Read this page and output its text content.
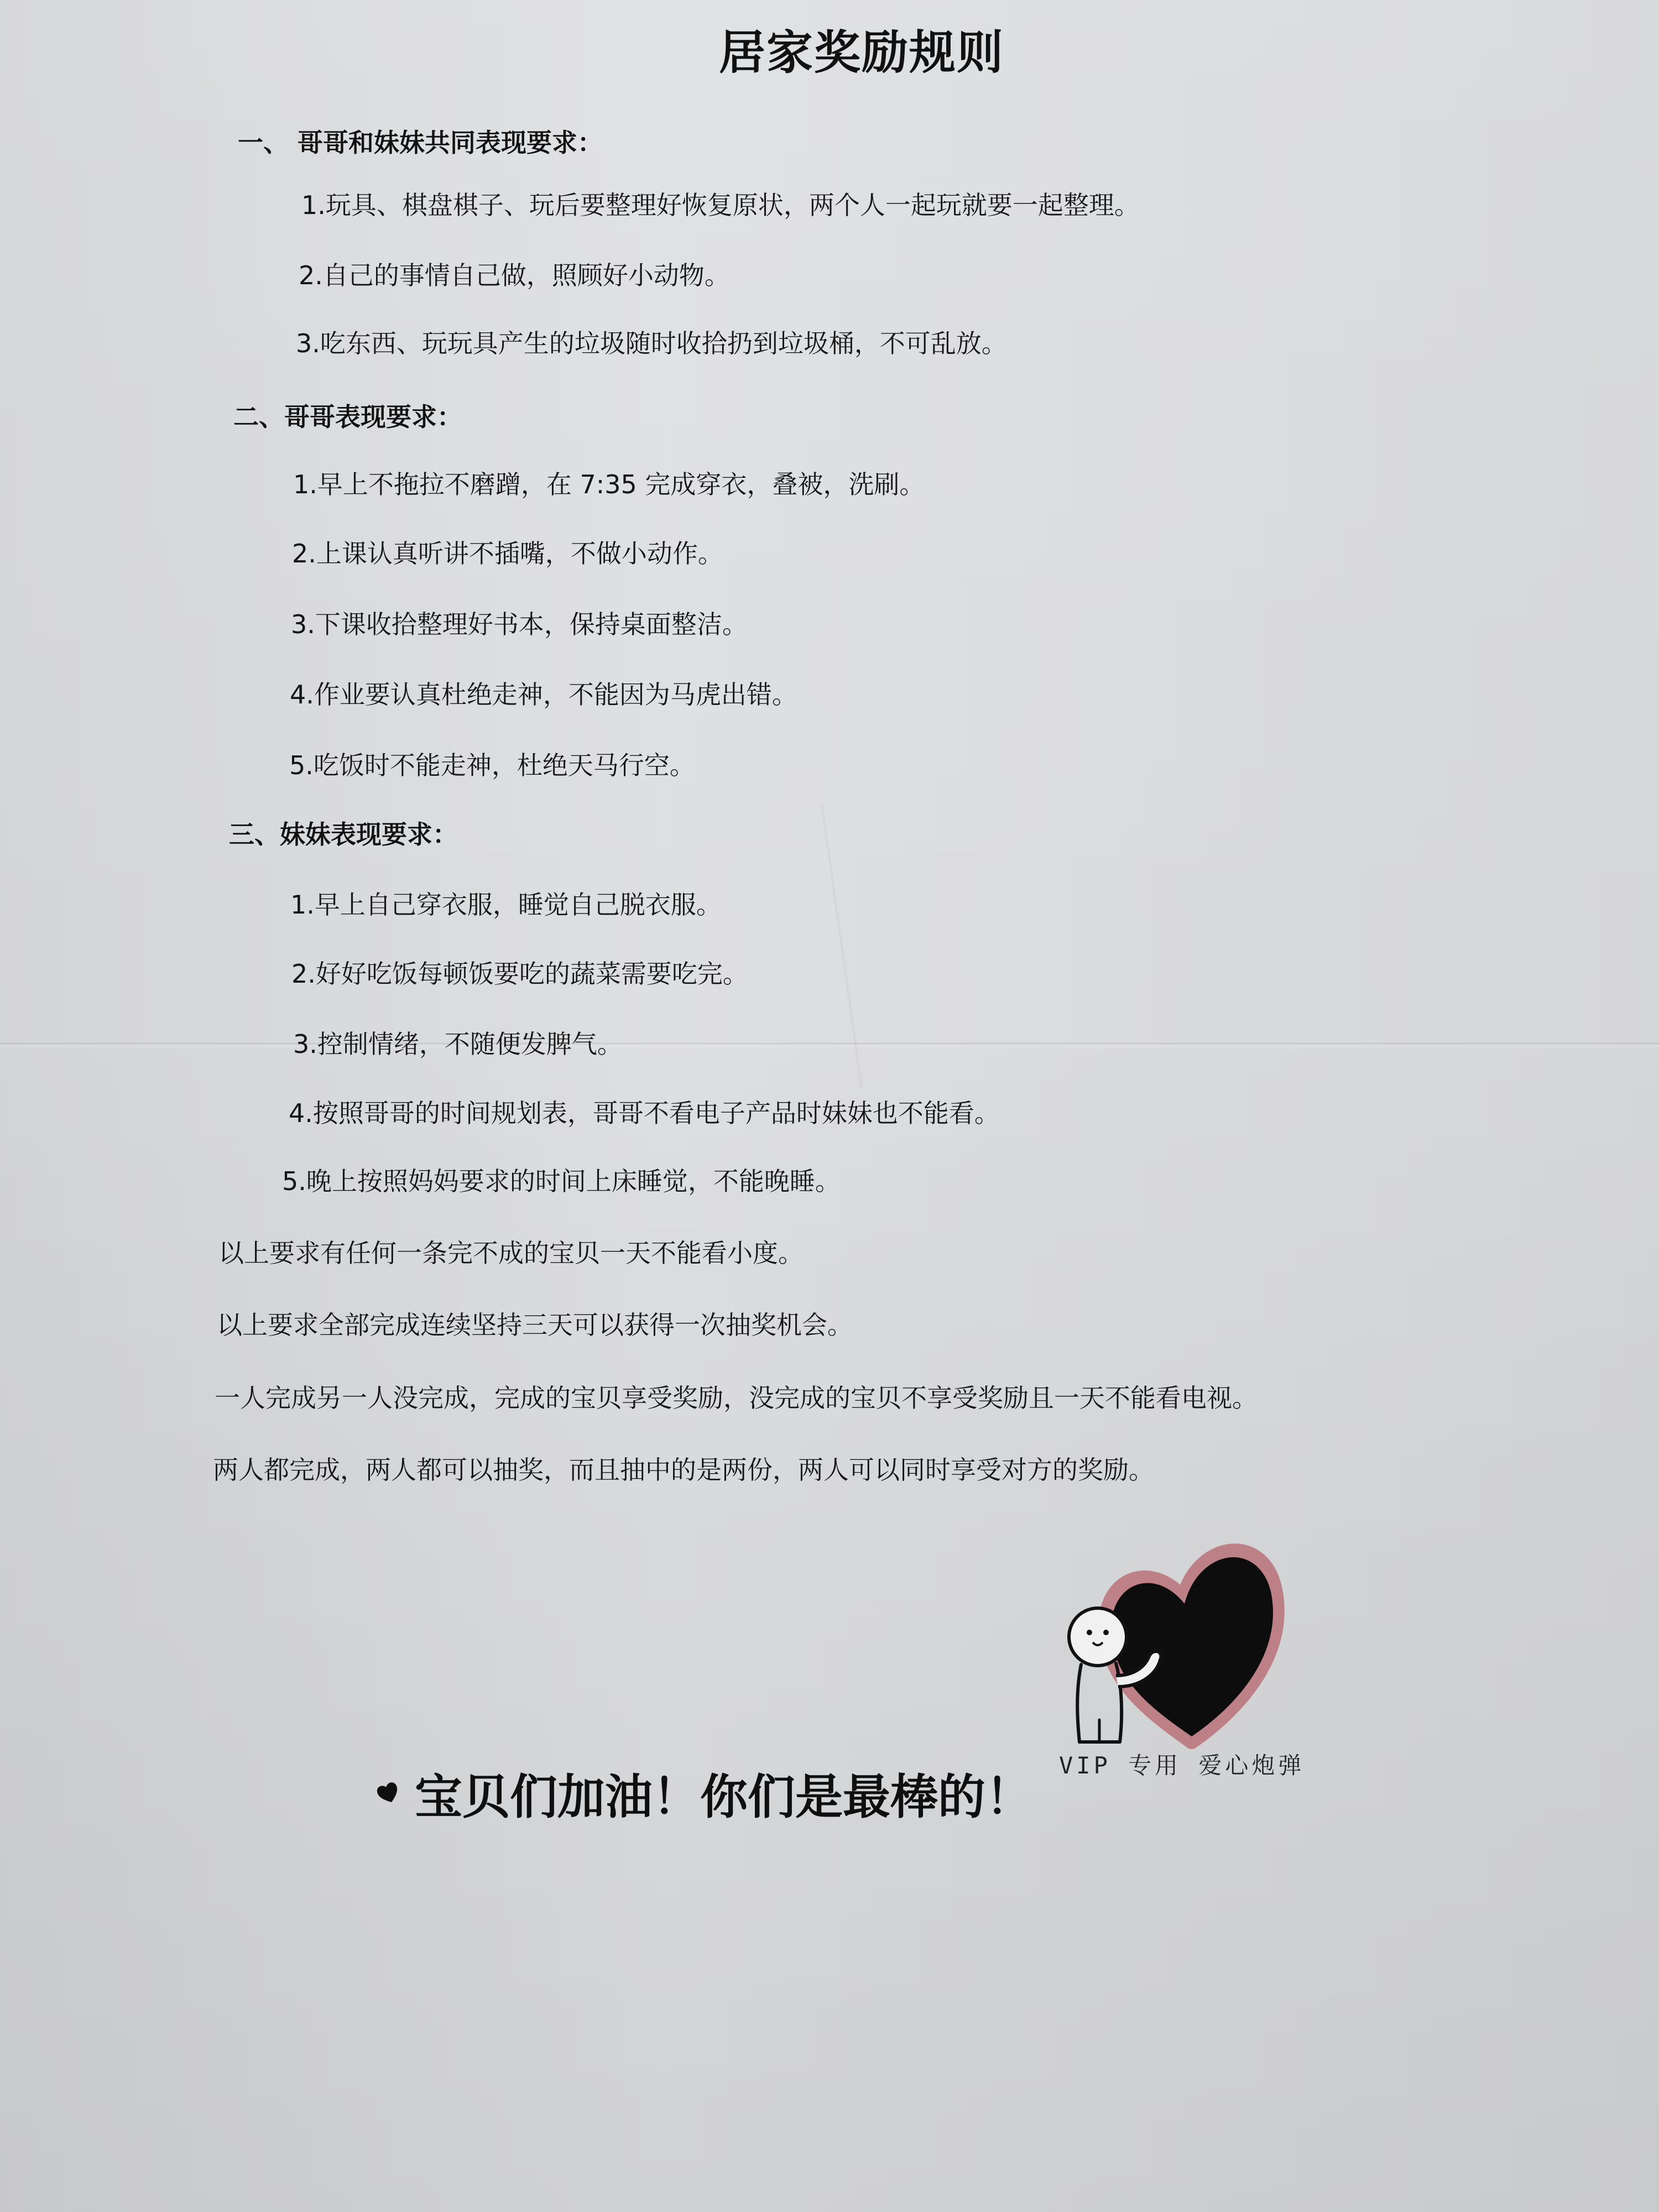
居家奖励规则
一、 哥哥和妹妹共同表现要求：
1.玩具、棋盘棋子、玩后要整理好恢复原状，两个人一起玩就要一起整理。
2.自己的事情自己做，照顾好小动物。
3.吃东西、玩玩具产生的垃圾随时收拾扔到垃圾桶，不可乱放。
二、哥哥表现要求：
1.早上不拖拉不磨蹭，在 7:35 完成穿衣，叠被，洗刷。
2.上课认真听讲不插嘴，不做小动作。
3.下课收拾整理好书本，保持桌面整洁。
4.作业要认真杜绝走神，不能因为马虎出错。
5.吃饭时不能走神，杜绝天马行空。
三、妹妹表现要求：
1.早上自己穿衣服，睡觉自己脱衣服。
2.好好吃饭每顿饭要吃的蔬菜需要吃完。
3.控制情绪，不随便发脾气。
4.按照哥哥的时间规划表，哥哥不看电子产品时妹妹也不能看。
5.晚上按照妈妈要求的时间上床睡觉，不能晚睡。
以上要求有任何一条完不成的宝贝一天不能看小度。
以上要求全部完成连续坚持三天可以获得一次抽奖机会。
一人完成另一人没完成，完成的宝贝享受奖励，没完成的宝贝不享受奖励且一天不能看电视。
两人都完成，两人都可以抽奖，而且抽中的是两份，两人可以同时享受对方的奖励。
VIP 专用 爱心炮弹
宝贝们加油！你们是最棒的！
